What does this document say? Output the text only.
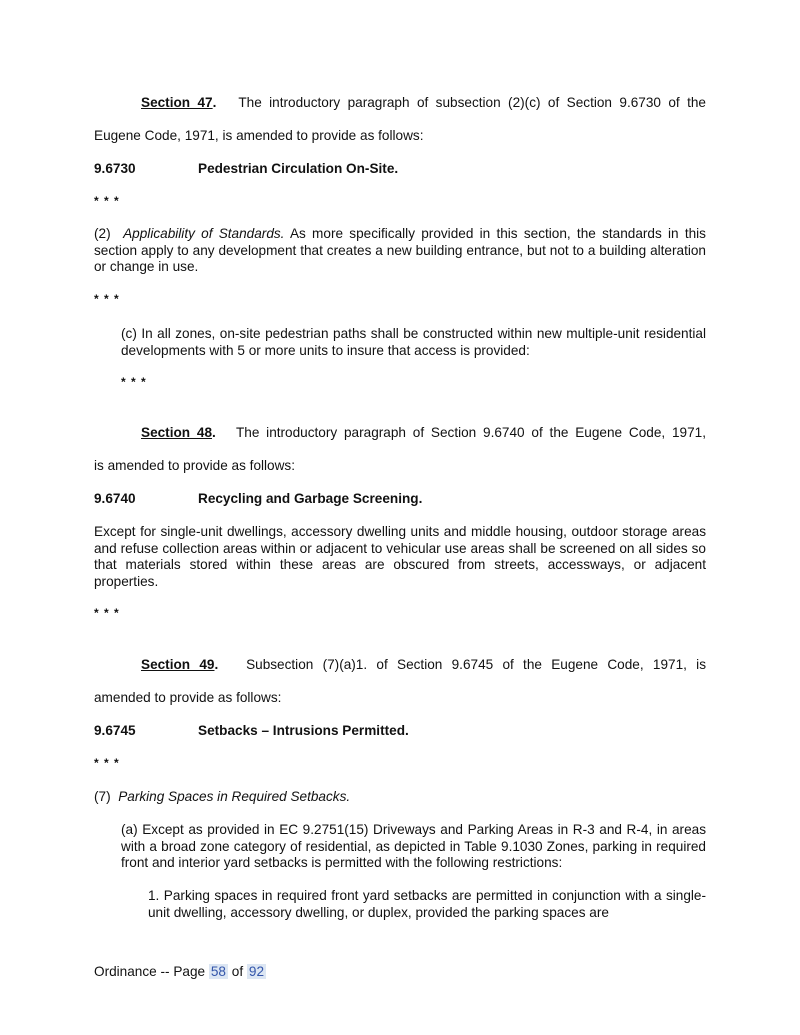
Section 47. The introductory paragraph of subsection (2)(c) of Section 9.6730 of the

Eugene Code, 1971, is amended to provide as follows:

9.6730	Pedestrian Circulation On-Site.

* * *

(2) Applicability of Standards. As more specifically provided in this section, the standards in this section apply to any development that creates a new building entrance, but not to a building alteration or change in use.

* * *

(c) In all zones, on-site pedestrian paths shall be constructed within new multiple-unit residential developments with 5 or more units to insure that access is provided:

* * *

Section 48. The introductory paragraph of Section 9.6740 of the Eugene Code, 1971,

is amended to provide as follows:

9.6740	Recycling and Garbage Screening.

Except for single-unit dwellings, accessory dwelling units and middle housing, outdoor storage areas and refuse collection areas within or adjacent to vehicular use areas shall be screened on all sides so that materials stored within these areas are obscured from streets, accessways, or adjacent properties.

* * *

Section 49. Subsection (7)(a)1. of Section 9.6745 of the Eugene Code, 1971, is

amended to provide as follows:

9.6745	Setbacks – Intrusions Permitted.

* * *

(7) Parking Spaces in Required Setbacks.

(a) Except as provided in EC 9.2751(15) Driveways and Parking Areas in R-3 and R-4, in areas with a broad zone category of residential, as depicted in Table 9.1030 Zones, parking in required front and interior yard setbacks is permitted with the following restrictions:

1. Parking spaces in required front yard setbacks are permitted in conjunction with a single-unit dwelling, accessory dwelling, or duplex, provided the parking spaces are

Ordinance -- Page 58 of 92
